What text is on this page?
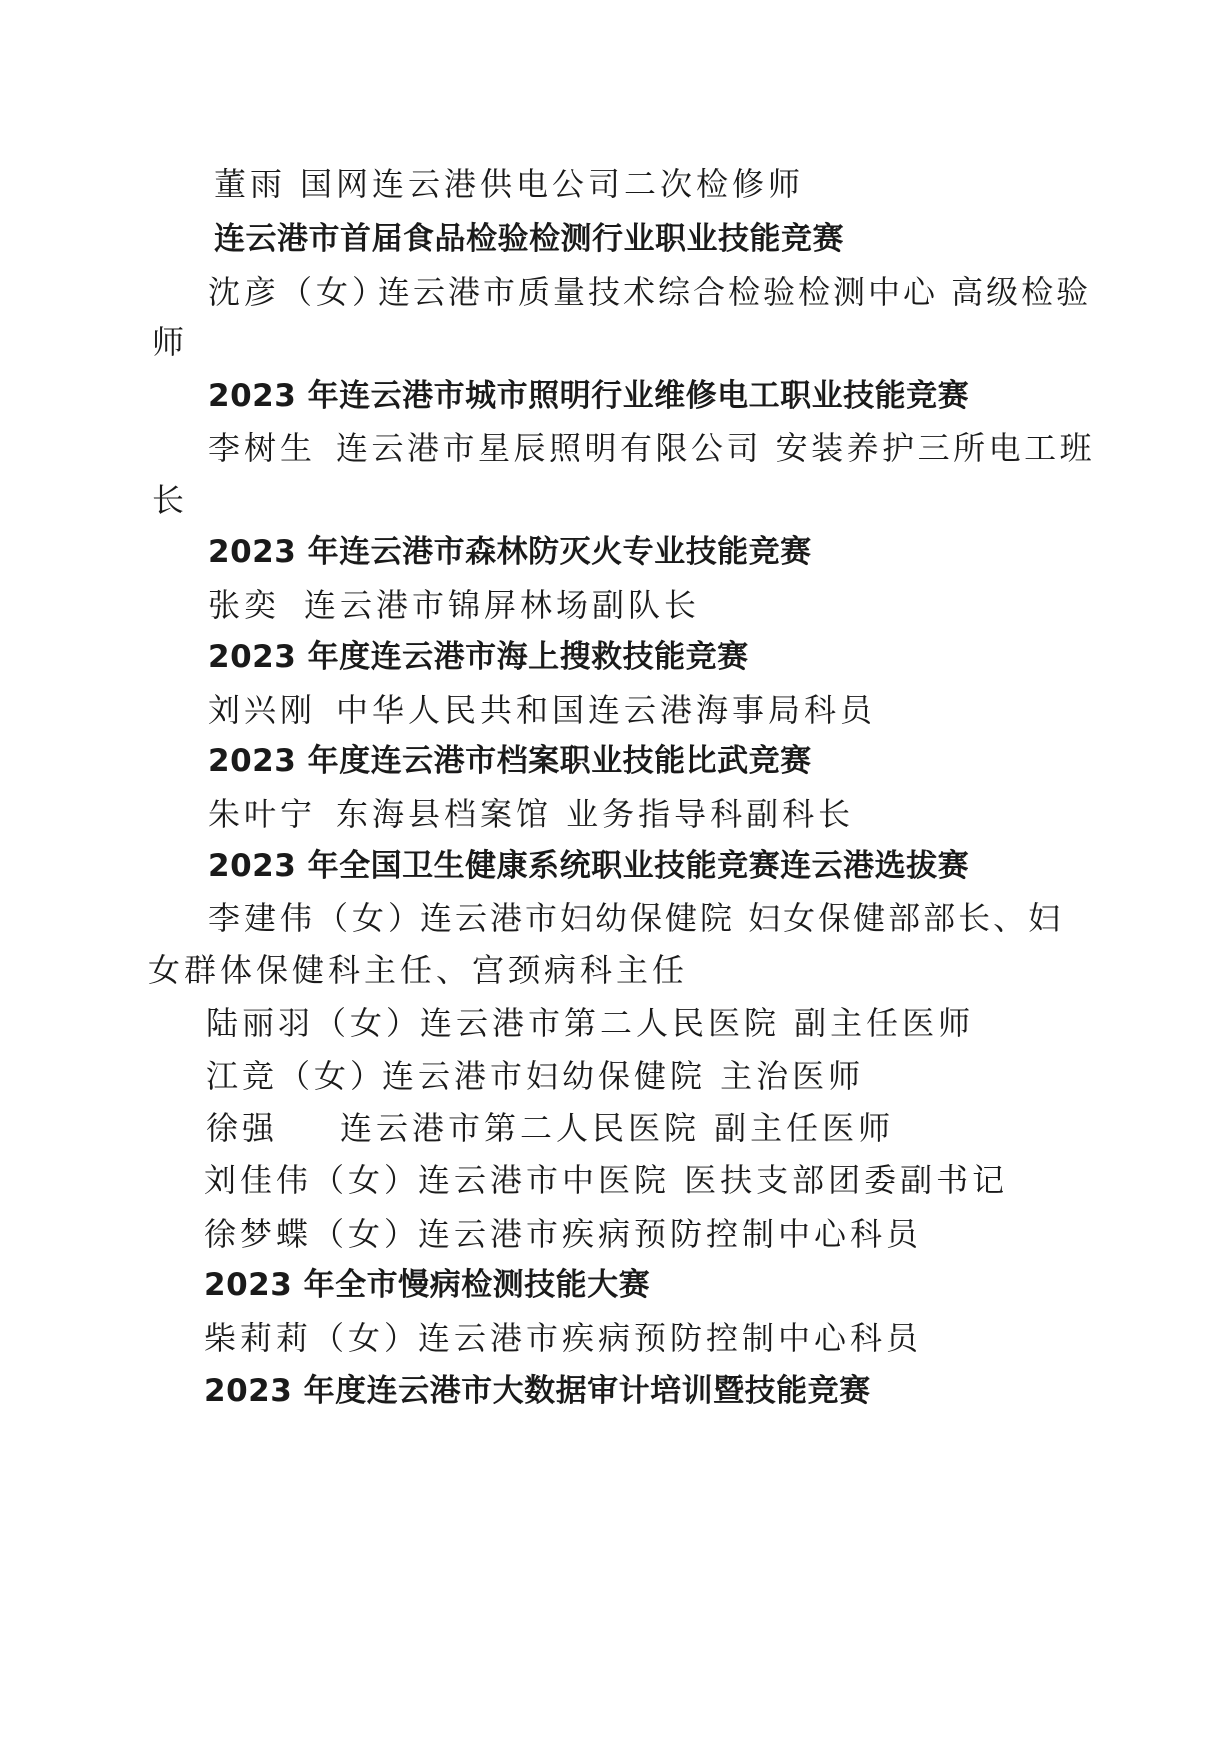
董雨 国网连云港供电公司二次检修师
连云港市首届食品检验检测行业职业技能竞赛
沈彦（女）
连云港市质量技术综合检验检测中心 高级检验
师
2023 年连云港市城市照明行业维修电工职业技能竞赛
李树生 连云港市星辰照明有限公司 安装养护三所电工班
长
2023 年连云港市森林防灭火专业技能竞赛
张奕 连云港市锦屏林场副队长
2023 年度连云港市海上搜救技能竞赛
刘兴刚 中华人民共和国连云港海事局科员
2023 年度连云港市档案职业技能比武竞赛
朱叶宁 东海县档案馆 业务指导科副科长
2023 年全国卫生健康系统职业技能竞赛连云港选拔赛
李建伟（女）
连云港市妇幼保健院 妇女保健部部长、妇
女群体保健科主任、宫颈病科主任
陆丽羽（女）
连云港市第二人民医院 副主任医师
江竞（女）
连云港市妇幼保健院 主治医师
徐强 连云港市第二人民医院 副主任医师
刘佳伟（女）
连云港市中医院 医扶支部团委副书记
徐梦蝶（女）
连云港市疾病预防控制中心科员
2023 年全市慢病检测技能大赛
柴莉莉（女）
连云港市疾病预防控制中心科员
2023 年度连云港市大数据审计培训暨技能竞赛
